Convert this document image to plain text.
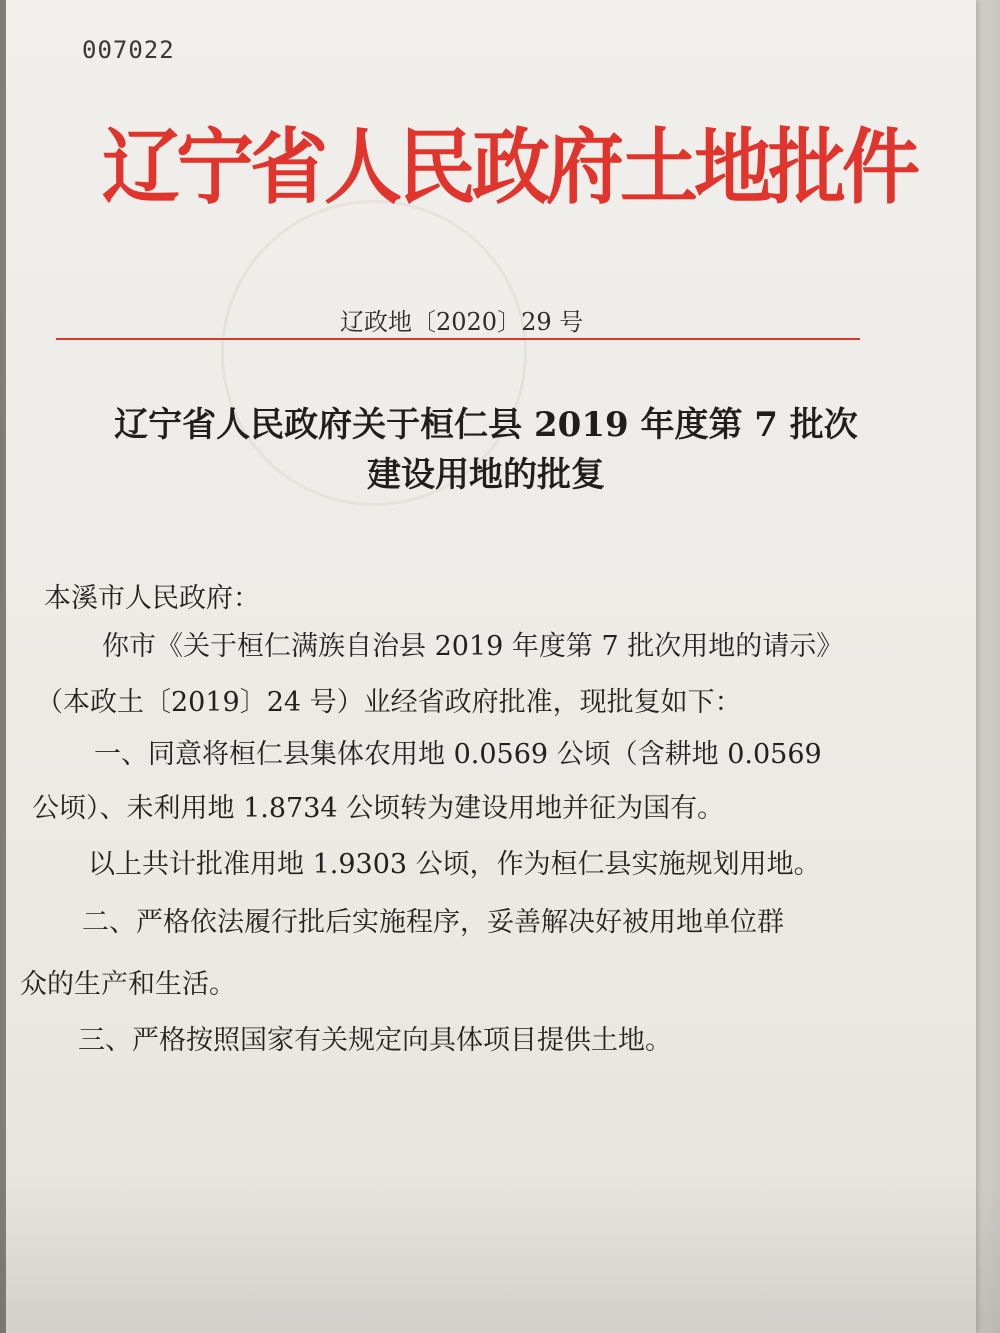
007022
辽宁省人民政府土地批件
辽政地〔2020〕29 号
辽宁省人民政府关于桓仁县 2019 年度第 7 批次
建设用地的批复
本溪市人民政府：
你市《关于桓仁满族自治县 2019 年度第 7 批次用地的请示》
（本政土〔2019〕24 号）业经省政府批准，现批复如下：
一、同意将桓仁县集体农用地 0.0569 公顷（含耕地 0.0569
公顷）、未利用地 1.8734 公顷转为建设用地并征为国有。
以上共计批准用地 1.9303 公顷，作为桓仁县实施规划用地。
二、严格依法履行批后实施程序，妥善解决好被用地单位群
众的生产和生活。
三、严格按照国家有关规定向具体项目提供土地。
